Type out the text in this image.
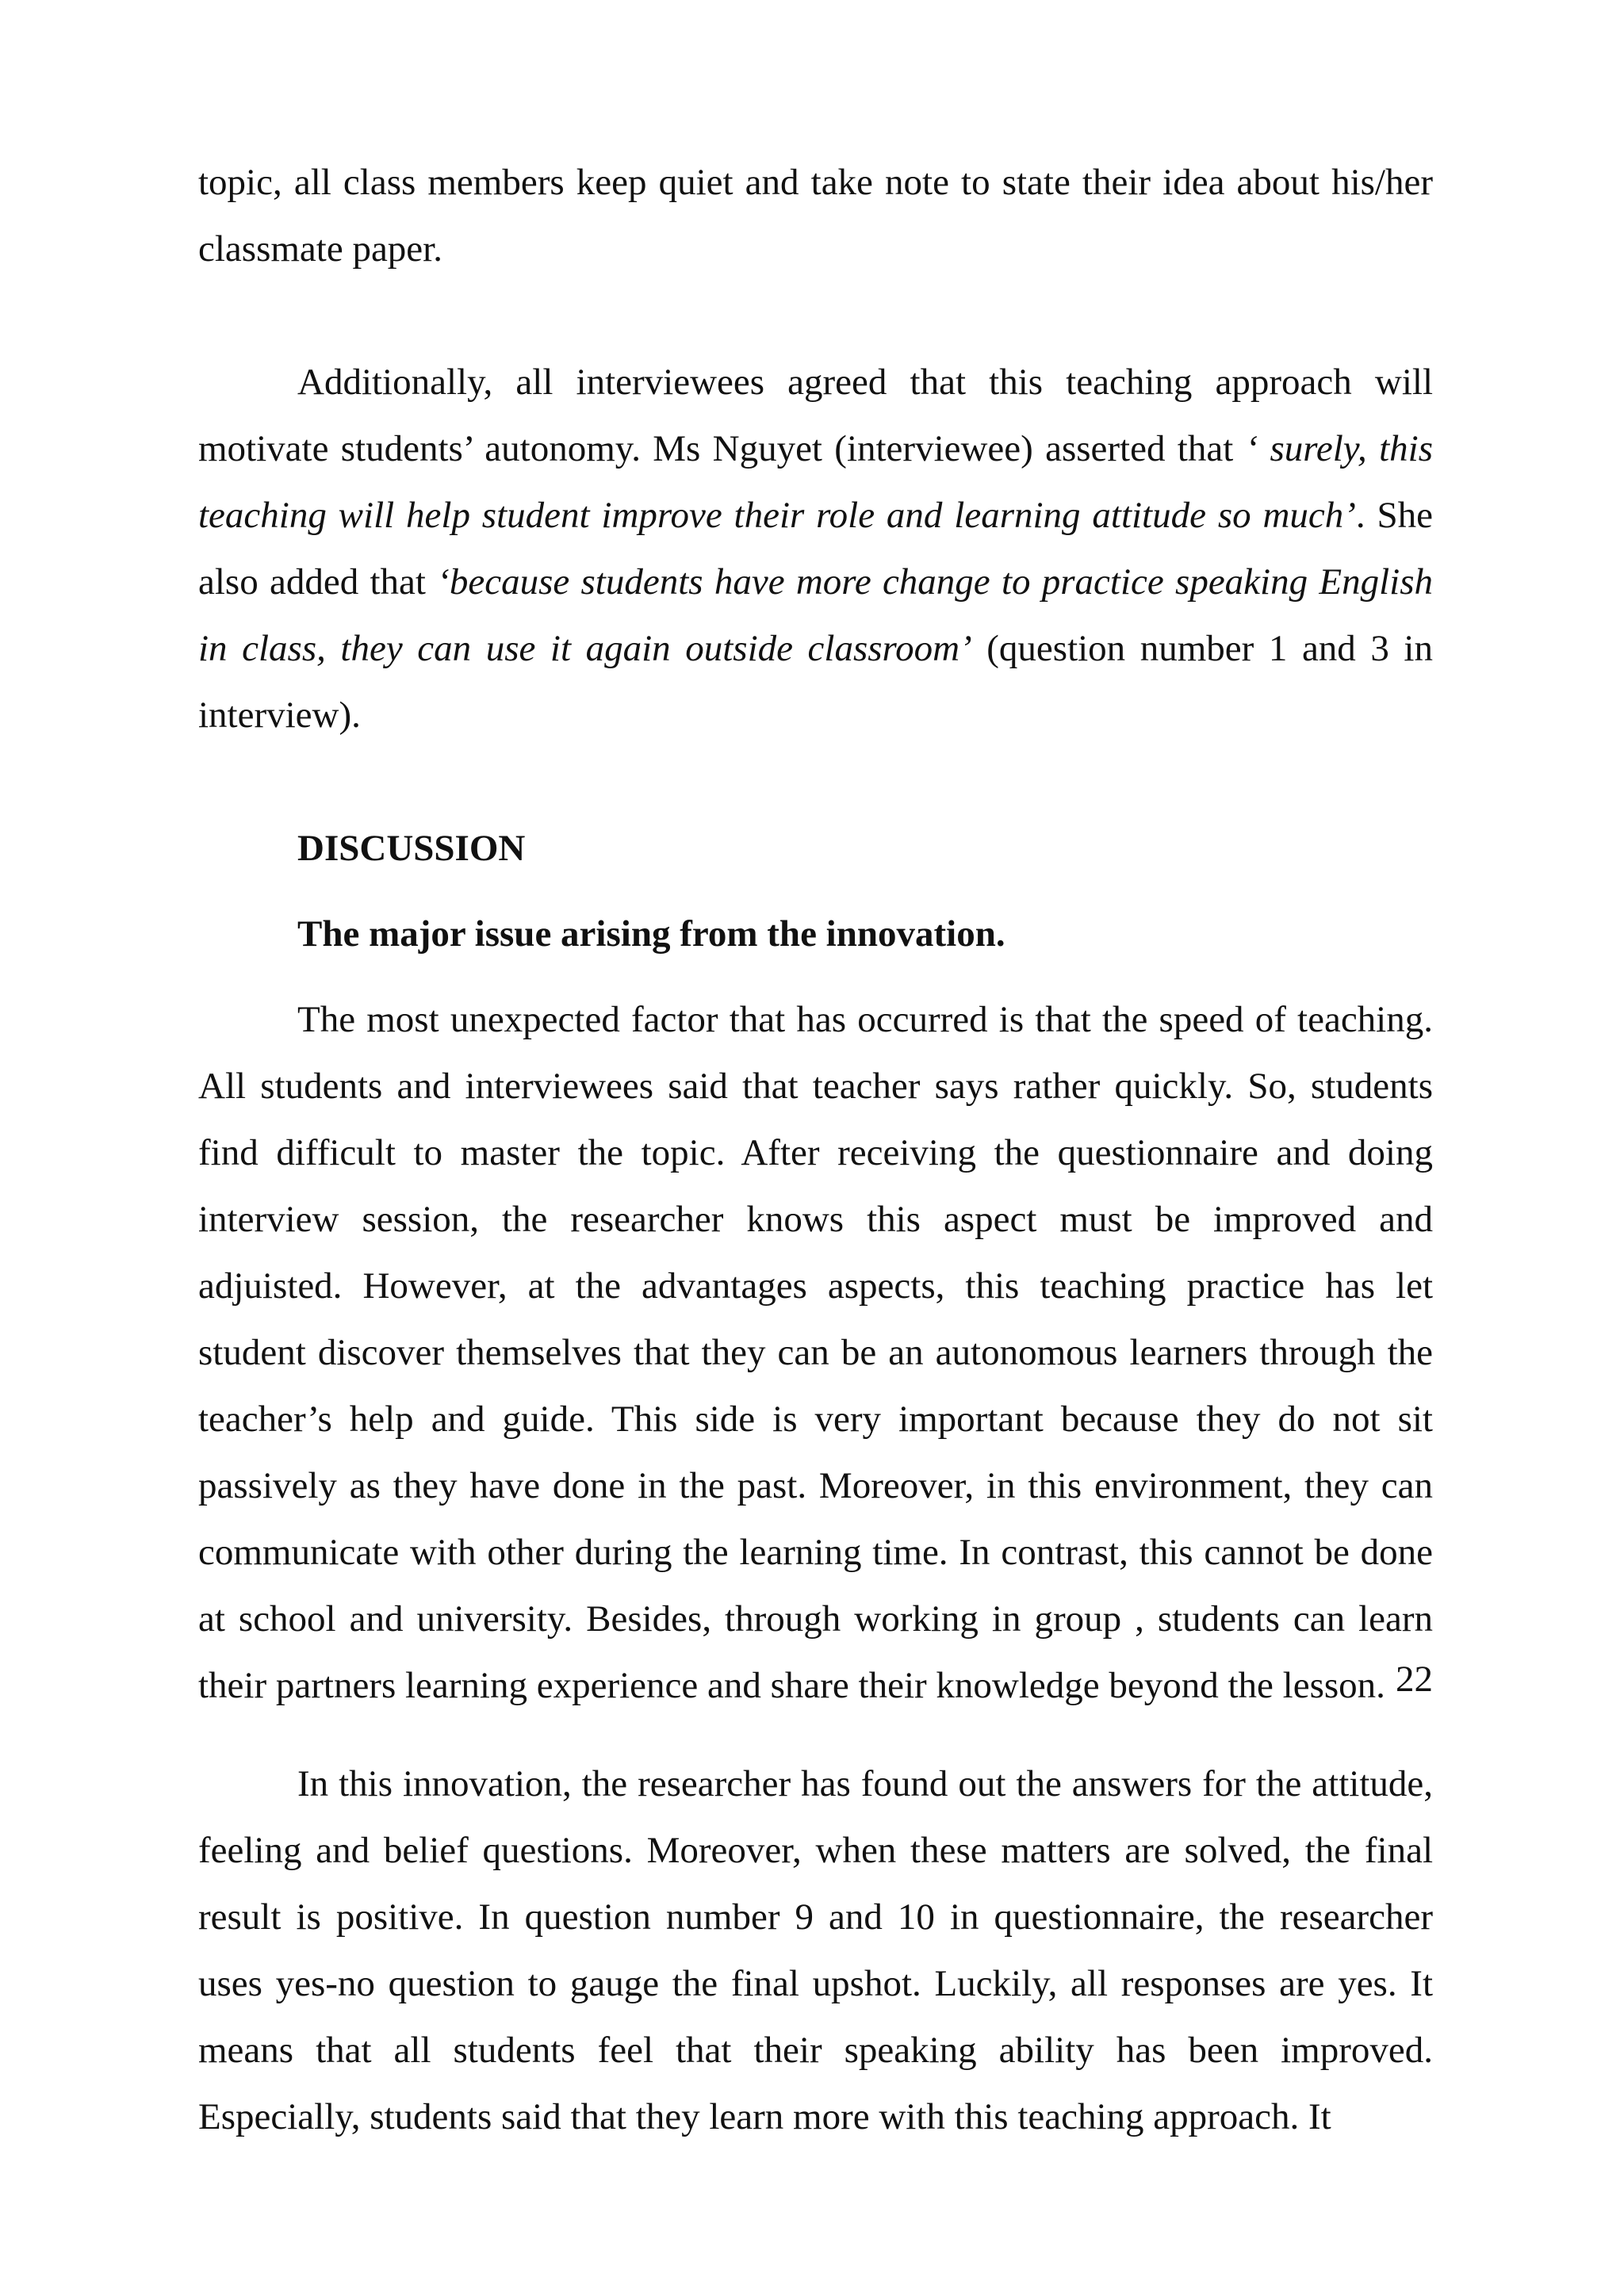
topic, all class members keep quiet and take note to state their idea about his/her classmate paper.

Additionally, all interviewees agreed that this teaching approach will motivate students’ autonomy. Ms Nguyet (interviewee) asserted that ‘ surely, this teaching will help student improve their role and learning attitude so much’. She also added that ‘because students have more change to practice speaking English in class, they can use it again outside classroom’ (question number 1 and 3 in interview).

DISCUSSION

The major issue arising from the innovation.

The most unexpected factor that has occurred is that the speed of teaching. All students and interviewees said that teacher says rather quickly. So, students find difficult to master the topic. After receiving the questionnaire and doing interview session, the researcher knows this aspect must be improved and adjuisted. However, at the advantages aspects, this teaching practice has let student discover themselves that they can be an autonomous learners through the teacher’s help and guide. This side is very important because they do not sit passively as they have done in the past. Moreover, in this environment, they can communicate with other during the learning time. In contrast, this cannot be done at school and university. Besides, through working in group , students can learn their partners learning experience and share their knowledge beyond the lesson.

In this innovation, the researcher has found out the answers for the attitude, feeling and belief questions. Moreover, when these matters are solved, the final result is positive. In question number 9 and 10 in questionnaire, the researcher uses yes-no question to gauge the final upshot. Luckily, all responses are yes. It means that all students feel that their speaking ability has been improved. Especially, students said that they learn more with this teaching approach. It

22
